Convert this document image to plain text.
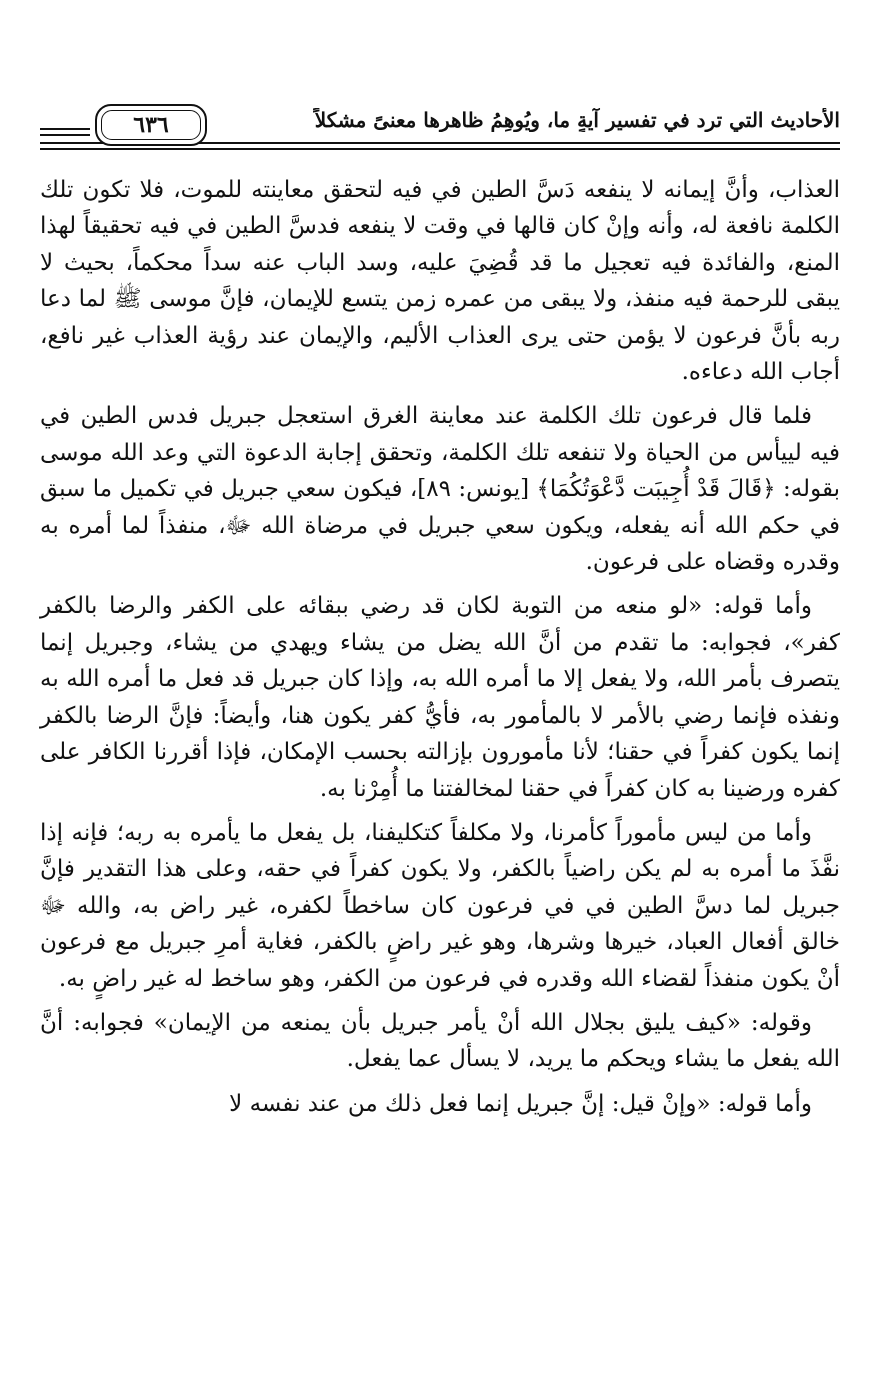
الأحاديث التي ترد في تفسير آيةٍ ما، ويُوهِمُ ظاهرها معنىً مشكلاً
٦٣٦

العذاب، وأنَّ إيمانه لا ينفعه دَسَّ الطين في فيه لتحقق معاينته للموت، فلا تكون تلك الكلمة نافعة له، وأنه وإنْ كان قالها في وقت لا ينفعه فدسَّ الطين في فيه تحقيقاً لهذا المنع، والفائدة فيه تعجيل ما قد قُضِيَ عليه، وسد الباب عنه سداً محكماً، بحيث لا يبقى للرحمة فيه منفذ، ولا يبقى من عمره زمن يتسع للإيمان، فإنَّ موسى ﷺ لما دعا ربه بأنَّ فرعون لا يؤمن حتى يرى العذاب الأليم، والإيمان عند رؤية العذاب غير نافع، أجاب الله دعاءه.

فلما قال فرعون تلك الكلمة عند معاينة الغرق استعجل جبريل فدس الطين في فيه لييأس من الحياة ولا تنفعه تلك الكلمة، وتحقق إجابة الدعوة التي وعد الله موسى بقوله: ﴿قَالَ قَدْ أُجِيبَت دَّعْوَتُكُمَا﴾ [يونس: ٨٩]، فيكون سعي جبريل في تكميل ما سبق في حكم الله أنه يفعله، ويكون سعي جبريل في مرضاة الله ﷻ، منفذاً لما أمره به وقدره وقضاه على فرعون.

وأما قوله: «لو منعه من التوبة لكان قد رضي ببقائه على الكفر والرضا بالكفر كفر»، فجوابه: ما تقدم من أنَّ الله يضل من يشاء ويهدي من يشاء، وجبريل إنما يتصرف بأمر الله، ولا يفعل إلا ما أمره الله به، وإذا كان جبريل قد فعل ما أمره الله به ونفذه فإنما رضي بالأمر لا بالمأمور به، فأيُّ كفر يكون هنا، وأيضاً: فإنَّ الرضا بالكفر إنما يكون كفراً في حقنا؛ لأنا مأمورون بإزالته بحسب الإمكان، فإذا أقررنا الكافر على كفره ورضينا به كان كفراً في حقنا لمخالفتنا ما أُمِرْنا به.

وأما من ليس مأموراً كأمرنا، ولا مكلفاً كتكليفنا، بل يفعل ما يأمره به ربه؛ فإنه إذا نفَّذَ ما أمره به لم يكن راضياً بالكفر، ولا يكون كفراً في حقه، وعلى هذا التقدير فإنَّ جبريل لما دسَّ الطين في في فرعون كان ساخطاً لكفره، غير راض به، والله ﷻ خالق أفعال العباد، خيرها وشرها، وهو غير راضٍ بالكفر، فغاية أمرِ جبريل مع فرعون أنْ يكون منفذاً لقضاء الله وقدره في فرعون من الكفر، وهو ساخط له غير راضٍ به.

وقوله: «كيف يليق بجلال الله أنْ يأمر جبريل بأن يمنعه من الإيمان» فجوابه: أنَّ الله يفعل ما يشاء ويحكم ما يريد، لا يسأل عما يفعل.

وأما قوله: «وإنْ قيل: إنَّ جبريل إنما فعل ذلك من عند نفسه لا
